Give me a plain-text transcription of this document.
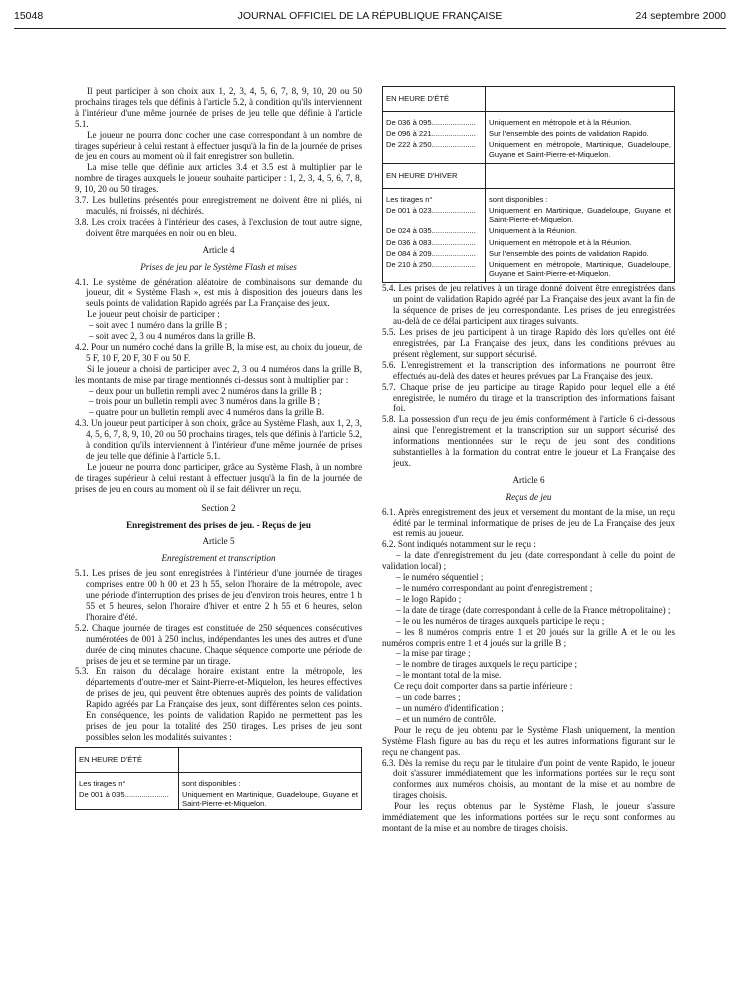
15048	JOURNAL OFFICIEL DE LA RÉPUBLIQUE FRANÇAISE	24 septembre 2000

Il peut participer à son choix aux 1, 2, 3, 4, 5, 6, 7, 8, 9, 10, 20 ou 50 prochains tirages tels que définis à l'article 5.2, à condition qu'ils interviennent à l'intérieur d'une même journée de prises de jeu telle que définie à l'article 5.1.

Le joueur ne pourra donc cocher une case correspondant à un nombre de tirages supérieur à celui restant à effectuer jusqu'à la fin de la journée de prises de jeu en cours au moment où il fait enregistrer son bulletin.

La mise telle que définie aux articles 3.4 et 3.5 est à multiplier par le nombre de tirages auxquels le joueur souhaite participer : 1, 2, 3, 4, 5, 6, 7, 8, 9, 10, 20 ou 50 tirages.

3.7. Les bulletins présentés pour enregistrement ne doivent être ni pliés, ni maculés, ni froissés, ni déchirés.

3.8. Les croix tracées à l'intérieur des cases, à l'exclusion de tout autre signe, doivent être marquées en noir ou en bleu.

Article 4

Prises de jeu par le Système Flash et mises

4.1. Le système de génération aléatoire de combinaisons sur demande du joueur, dit « Système Flash », est mis à disposition des joueurs dans les seuls points de validation Rapido agréés par La Française des jeux.

Le joueur peut choisir de participer :

– soit avec 1 numéro dans la grille B ;

– soit avec 2, 3 ou 4 numéros dans la grille B.

4.2. Pour un numéro coché dans la grille B, la mise est, au choix du joueur, de 5 F, 10 F, 20 F, 30 F ou 50 F.

Si le joueur a choisi de participer avec 2, 3 ou 4 numéros dans la grille B, les montants de mise par tirage mentionnés ci-dessus sont à multiplier par :

– deux pour un bulletin rempli avec 2 numéros dans la grille B ;

– trois pour un bulletin rempli avec 3 numéros dans la grille B ;

– quatre pour un bulletin rempli avec 4 numéros dans la grille B.

4.3. Un joueur peut participer à son choix, grâce au Système Flash, aux 1, 2, 3, 4, 5, 6, 7, 8, 9, 10, 20 ou 50 prochains tirages, tels que définis à l'article 5.2, à condition qu'ils interviennent à l'intérieur d'une même journée de prises de jeu telle que définie à l'article 5.1.

Le joueur ne pourra donc participer, grâce au Système Flash, à un nombre de tirages supérieur à celui restant à effectuer jusqu'à la fin de la journée de prises de jeu en cours au moment où il se fait délivrer un reçu.

Section 2

Enregistrement des prises de jeu. - Reçus de jeu

Article 5

Enregistrement et transcription

5.1. Les prises de jeu sont enregistrées à l'intérieur d'une journée de tirages comprises entre 00 h 00 et 23 h 55, selon l'horaire de la métropole, avec une période d'interruption des prises de jeu d'environ trois heures, entre 1 h 55 et 5 heures, selon l'horaire d'hiver et entre 2 h 55 et 6 heures, selon l'horaire d'été.

5.2. Chaque journée de tirages est constituée de 250 séquences consécutives numérotées de 001 à 250 inclus, indépendantes les unes des autres et d'une durée de cinq minutes chacune. Chaque séquence comporte une période de prises de jeu et se termine par un tirage.

5.3. En raison du décalage horaire existant entre la métropole, les départements d'outre-mer et Saint-Pierre-et-Miquelon, les heures effectives de prises de jeu, qui peuvent être obtenues auprès des points de validation Rapido agréés par La Française des jeux, sont différentes selon ces points. En conséquence, les points de validation Rapido ne permettent pas les prises de jeu pour la totalité des 250 tirages. Les prises de jeu sont possibles selon les modalités suivantes :

EN HEURE D'ÉTÉ	
Les tirages n°	sont disponibles :
De 001 à 035.....................	Uniquement en Martinique, Guadeloupe, Guyane et Saint-Pierre-et-Miquelon.
EN HEURE D'ÉTÉ	
De 036 à 095.....................	Uniquement en métropole et à la Réunion.
De 096 à 221.....................	Sur l'ensemble des points de validation Rapido.
De 222 à 250.....................	Uniquement en métropole, Martinique, Guadeloupe, Guyane et Saint-Pierre-et-Miquelon.
EN HEURE D'HIVER	
Les tirages n°	sont disponibles :
De 001 à 023.....................	Uniquement en Martinique, Guadeloupe, Guyane et Saint-Pierre-et-Miquelon.
De 024 à 035.....................	Uniquement à la Réunion.
De 036 à 083.....................	Uniquement en métropole et à la Réunion.
De 084 à 209.....................	Sur l'ensemble des points de validation Rapido.
De 210 à 250.....................	Uniquement en métropole, Martinique, Guadeloupe, Guyane et Saint-Pierre-et-Miquelon.

5.4. Les prises de jeu relatives à un tirage donné doivent être enregistrées dans un point de validation Rapido agréé par La Française des jeux avant la fin de la séquence de prises de jeu correspondante. Les prises de jeu enregistrées au-delà de ce délai participent aux tirages suivants.

5.5. Les prises de jeu participent à un tirage Rapido dès lors qu'elles ont été enregistrées, par La Française des jeux, dans les conditions prévues au présent règlement, sur support sécurisé.

5.6. L'enregistrement et la transcription des informations ne pourront être effectués au-delà des dates et heures prévues par La Française des jeux.

5.7. Chaque prise de jeu participe au tirage Rapido pour lequel elle a été enregistrée, le numéro du tirage et la transcription des informations faisant foi.

5.8. La possession d'un reçu de jeu émis conformément à l'article 6 ci-dessous ainsi que l'enregistrement et la transcription sur un support sécurisé des informations mentionnées sur le reçu de jeu sont des conditions substantielles à la formation du contrat entre le joueur et La Française des jeux.

Article 6

Reçus de jeu

6.1. Après enregistrement des jeux et versement du montant de la mise, un reçu édité par le terminal informatique de prises de jeu de La Française des jeux est remis au joueur.

6.2. Sont indiqués notamment sur le reçu :

– la date d'enregistrement du jeu (date correspondant à celle du point de validation local) ;

– le numéro séquentiel ;

– le numéro correspondant au point d'enregistrement ;

– le logo Rapido ;

– la date de tirage (date correspondant à celle de la France métropolitaine) ;

– le ou les numéros de tirages auxquels participe le reçu ;

– les 8 numéros compris entre 1 et 20 joués sur la grille A et le ou les numéros compris entre 1 et 4 joués sur la grille B ;

– la mise par tirage ;

– le nombre de tirages auxquels le reçu participe ;

– le montant total de la mise.

Ce reçu doit comporter dans sa partie inférieure :

– un code barres ;

– un numéro d'identification ;

– et un numéro de contrôle.

Pour le reçu de jeu obtenu par le Système Flash uniquement, la mention Système Flash figure au bas du reçu et les autres informations figurant sur le reçu ne changent pas.

6.3. Dès la remise du reçu par le titulaire d'un point de vente Rapido, le joueur doit s'assurer immédiatement que les informations portées sur le reçu sont conformes aux numéros choisis, au montant de la mise et au nombre de tirages choisis.

Pour les reçus obtenus par le Système Flash, le joueur s'assure immédiatement que les informations portées sur le reçu sont conformes au montant de la mise et au nombre de tirages choisis.
